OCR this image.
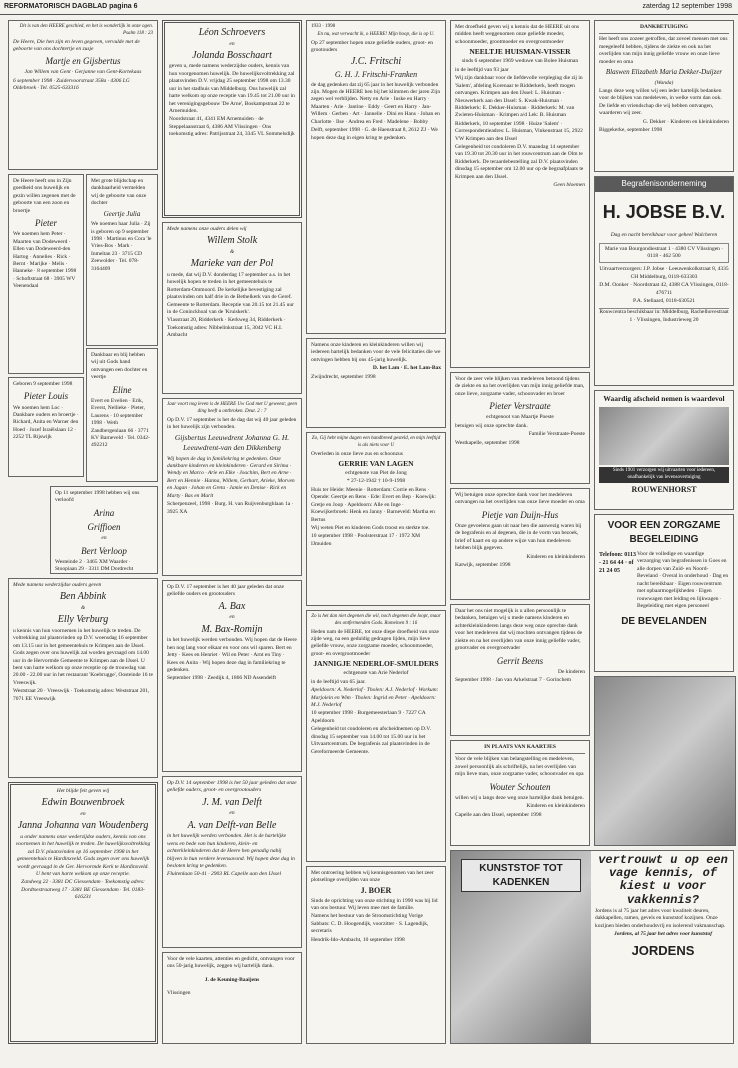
REFORMATORISCH DAGBLAD pagina 6	zaterdag 12 september 1998

Dit is van den HEERE geschied, en het is wonderlijk in onze ogen. Psalm 118 : 23

De Heere, Die hen zijn en leven gegeven, vervulde met de geboorte van ons dochtertje en zusje

Martje en Gijsbertus

Jan Willem van Gent · Gerjanne van Gent-Kortekaas

6 september 1998 · Zuidervoorstraat 358a · 4306 LG Oldebroek · Tel. 0525-633316

De Heere heeft ons in Zijn goedheid ons huwelijk en gezin willen zegenen met de geboorte van een zoon en broertje

Pieter

We noemen hem Peter · Maarten van Dodeweerd · Ellen van Dodeweerd-den Hartog · Annelies · Rick · Bernt · Marijke · Melis · Hanneke · 8 september 1998 · Schoftstraat 68 · 3905 WV Veenendaal

Met grote blijdschap en dankbaarheid vermelden wij de geboorte van onze dochter

Geertje Julia

We noemen haar Julia · Zij is geboren op 9 september 1998 · Martinus en Cora 'le Vries-Bos · Mark · Inmeltan 23 · 3715 CD Zeewolder · Tel. 078-3164409

Dankbaar en blij hebben wij uit Gods hand ontvangen een dochter en veertje

Eline

Evert en Evelien · Erik, Everst, Nellieke · Pieter, Laurens · 10 september 1998 · Weth Zandbergenlaan 66 · 3771 KV Barneveld · Tel. 0342-492212

Geboren 9 september 1998

Pieter Louis

We noemen hem Loc · Dankbare ouders en broertje · Richard, Anita en Warner den Hoed · Jozef Israëlslaan 12 · 2252 TL Rijswijk

Op 11 september 1998 hebben wij ons verloofd

Arina

Griffioen

en

Bert Verloop

Westeinde 2 · 3465 XM Waarder · Stoopiaan 29 · 3311 DM Dordrecht

Mede namens wederzijdse ouders geven

Ben Abbink

&

Elly Verburg

u kennis van hun voornemen in het huwelijk te treden. De voltrekking zal plaatsvinden op D.V. woensdag 16 september om 13.15 uur in het gemeentehuis te Krimpen aan de IJssel. Gods zegen over ons huwelijk zal worden gevraagd om 14.00 uur in de Hervormde Gemeente te Krimpen aan de IJssel. U bent van harte welkom op onze receptie op de trouwdag van 20.00 - 22.00 uur in het restaurant 'Koebrugge', Oosteinde 16 te Vreeswijk.

Weststraat 20 · Vreeswijk · Toekomstig adres: Weststraat 201, 7071 EE Vreeswijk

Het blijde feit geven wij

Edwin Bouwenbroek

en

Janna Johanna van Woudenberg

u onder namens onze wederzijdse ouders, kennis van ons voornemen in het huwelijk te treden. De huwelijksvoltrekking zal D.V. plaatsvinden op 16 september 1998 in het gemeentehuis te Hardinxveld. Gods zegen over ons huwelijk wordt gevraagd in de Ger. Hervormde Kerk te Hardinxveld. U bent van harte welkom op onze receptie.

Zandweg 22 · 3381 DC Giessendam · Toekomstig adres: Dordtsestraatweg 17 · 3381 BE Giessendam · Tel. 0183-616231

Léon Schroevers

en

Jolanda Bosschaart

geven u, mede namens wederzijdse ouders, kennis van hun voorgenomen huwelijk. De huwelijksvoltrekking zal plaatsvinden D.V. vrijdag 25 september 1998 om 13.30 uur in het stadhuis van Middelburg. Ons huwelijk zal harte welkom op onze receptie van 19.45 tot 21.00 uur in het verenigingsgebouw 'De Arne', Boskampstraat 22 te Arnemuiden.

Noordstraat 41, 4341 EM Arnemuiden · de Steppelaanstraat 6, 4386 AM Vlissingen · Ons toekomstig adres: Patrijsstraat 24, 3345 VL Sommelsdijk

Mede namens onze ouders delen wij

Willem Stolk

&

Marieke van der Pol

u mede, dat wij D.V. donderdag 17 september a.s. in het huwelijk hopen te treden in het gemeentehuis te Rotterdam-Ommoord. De kerkelijke bevestiging zal plaatsvinden om half drie in de Bethelkerk van de Geref. Gemeente te Rotterdam. Receptie van 20.15 tot 21.45 uur in de Coninckhoal van de 'Kruiskerk'.

Vlasstraat 20, Ridderkerk · Kerkweg 34, Ridderkerk · Toekomstig adres: Nibbelinkstraat 15, 3042 VC H.I. Ambacht

Jaar voort nog leven is de HEERE Uw God met U geweest; geen ding heeft u ontbroken. Deut. 2 : 7

Op D.V. 17 september is het de dag dat wij 40 jaar geleden in het huwelijk zijn verbonden.

Gijsbertus Leeuwdrent Johanna G. H. Leeuwdrent-van den Dikkenberg

Wij hopen de dag in familiekring te gedenken. Onze dankbare kinderen en kleinkinderen · Gerard en Sirima · Wendy en Marco · Arie en Elke · Joachim, Bert en Arne · Bert en Hennie · Hanna, Willem, Gerhart, Arieke, Morven en Jagan · Johan en Greta · Jamie en Denise · Rick en Marty · Bas en Marit

Scherpenzeel, 1998 · Burg. H. van Ruijvenburghlaan 1a · 3925 XA

Op D.V. 17 september is het 40 jaar geleden dat onze geliefde ouders en grootouders

A. Bax

en

M. Bax-Romijn

in het huwelijk werden verbonden. Wij hopen dat de Heere hen nog lang voor elkaar en voor ons wil sparen. Bert en Jetty · Kees en Henriet · Wil en Peter · Arnt en Tiny · Kees en Anita · Wij hopen deze dag in familiekring te gedenken.

September 1998 · Zeedijk 4, 1866 ND Assendelft

Op D.V. 14 september 1998 is het 50 jaar geleden dat onze geliefde ouders, groot- en overgrootouders

J. M. van Delft

en

A. van Delft-van Belle

in het huwelijk werden verbonden. Het is de hartelijke wens en bede van hun kinderen, klein- en achterkleinkinderen dat de Heere hen genadig nabij blijven in hun verdere levensavond. Wij hopen deze dag in besloten kring te gedenken.

Fluitenlaan 50-41 · 2903 RL Capelle aan den IJssel

Voor de vele kaarten, attenties en gedicht, ontvangen voor ons 50-jarig huwelijk, zeggen wij hartelijk dank.

J. de Keuning-Baaijens

Vlissingen

1933 · 1998

En nu, wat verwacht ik, o HEERE! Mijn hoop, die is op U.

Op 27 september hopen onze geliefde ouders, groot- en grootouders

J.C. Fritschi

G. H. J. Fritschi-Franken

de dag gedenken dat zij 65 jaar in het huwelijk verbonden zijn. Mogen de HEERE hen bij het klimmen der jaren Zijn zegen wel verblijden. Netty en Arie · Inske en Harry · Maarten · Arie · Jantine · Eddy · Geert en Harry · Jan-Willem · Gerben · Art · Jannelie · Dini en Hans · Johan en Charlotte · Ilse · Andrea en Fred · Madelene · Bobby

Delft, september 1998 · G. de Haenstraat 8, 2612 ZJ · We hopen deze dag in eigen kring te gedenken.

Namens onze kinderen en kleinkinderen willen wij iedereen hartelijk bedanken voor de vele felicitaties die we ontvingen hebben bij ons 45-jarig huwelijk.

D. het Lam · E. het Lam-Bax

Zwijndrecht, september 1998

Zo, Gij hebt mijne dagen een handbreed gesteld, en mijn leeftijd is als niets voor U

Overleden in onze lieve zus en schoonzus

GERRIE VAN LAGEN

echtgenote van Piet de Jong

* 27-12-1942 † 10-9-1998

Huis ter Heide: Meenie · Rotterdam: Corrie en Rens · Opende: Geertje en Rens · Ede: Evert en Bep · Koewijk: Gretje en Joop · Apeldoorn: Alle en Inge · Koewijkerbroek: Henk en Janny · Barneveld: Martha en Bertus

Wij weten Piet en kinderen Gods troost en sterkte toe.

10 september 1998 · Poolsterstraat 17 · 1972 XM IJmuiden

Zo is het dan niet degenen die wil, noch degenen die loopt, maar des ontfermenden Gods. Romeinen 9 : 16

Heden nam de HEERE, tot onze diepe droefheid van onze zijde weg, na een geduldig gedragen lijden, mijn lieve geliefde vrouw, onze zorgzame moeder, schoonmoeder, groot- en overgrootmoeder

JANNIGJE NEDERLOF-SMULDERS

echtgenote van Arie Nederlof

in de leeftijd van 65 jaar.

Apeldoorn: A. Nederlof · Tholen: A.J. Nederlof · Workum: Marjolein en Wim · Tholen: Ingrid en Peter · Apeldoorn: M.J. Nederlof

10 september 1998 · Burgemeesterlaan 9 · 7227 CA Apeldoorn

Gelegenheid tot condoleren en afscheidnemen op D.V. dinsdag 15 september van 14.00 tot 15.00 uur in het Uitvaartcentrum. De begrafenis zal plaatsvinden in de Gereformeerde Gemeente.

Met ontroering hebben wij kennisgenomen van het zeer plotselinge overlijden van onze

J. BOER

Sinds de oprichting van onze stichting in 1990 was hij lid van ons bestuur. Wij leven mee met de familie.

Namens het bestuur van de Stroomstichting Vorige Sabbats: C. D. Hoogendijk, voorzitter · S. Lagendijk, secretaris

Hendrik-Ido-Ambacht, 10 september 1998

Met droefheid geven wij u kennis dat de HEERE uit ons midden heeft weggenomen onze geliefde moeder, schoonmoeder, grootmoeder en overgrootmoeder

NEELTJE HUISMAN-VISSER

sinds 6 september 1969 weduwe van Bolee Huisman

in de leeftijd van 93 jaar

Wij zijn dankbaar voor de liefdevolle verpleging die zij in 'Salem', afdeling Korenaar te Ridderkerk, heeft mogen ontvangen. Krimpen aan den IJssel: L. Huisman · Nieuwerkerk aan den IJssel: S. Kwak-Huisman · Ridderkerk: E. Dekker-Huisman · Ridderkerk: M. van Zwieten-Huisman · Krimpen a/d Lek: B. Huisman

Ridderkerk, 10 september 1998 · Huize 'Salem' · Correspondentieadres: L. Huisman, Vinkenstraat 15, 2922 VW Krimpen aan den IJssel

Gelegenheid tot condoleren D.V. maandag 14 september van 19.30 tot 20.30 uur in het rouwcentrum aan de Olm te Ridderkerk. De teraardebestelling zal D.V. plaatsvinden dinsdag 15 september om 12.00 uur op de begraafplaats te Krimpen aan den IJssel.

Geen bloemen

Voor de zeer vele blijken van medeleven betoond tijdens de ziekte en na het overlijden van mijn innig geliefde man, onze lieve, zorgzame vader, schoonvader en broer

Pieter Verstraate

echtgenoot van Maartje Poeste

betuigen wij onze oprechte dank.

Familie Verstraate-Poeste

Westkapelle, september 1998

Wij betuigen onze oprechte dank voor het medeleven ontvangen na het overlijden van onze lieve moeder en oma

Pietje van Duijn-Hus

Onze gevoelens gaan uit naar hen die aanwezig waren bij de begrafenis en al degenen, die in de vorm van bezoek, brief of kaart en op andere wijze van hun medeleven hebben blijk gegeven.

Kinderen en kleinkinderen

Katwijk, september 1998

Daar het ons niet mogelijk is u allen persoonlijk te bedanken, betuigen wij u mede namens kinderen en achterkleinkinderen langs deze weg onze oprechte dank voor het medeleven dat wij mochten ontvangen tijdens de ziekte en na het overlijden van onze innig geliefde vader, grootvader en overgrootvader

Gerrit Beens

De kinderen

September 1998 · Jan van Arkelstraat 7 · Gorinchem

IN PLAATS VAN KAARTJES

Voor de vele blijken van belangstelling en medeleven, zowel persoonlijk als schriftelijk, na het overlijden van mijn lieve man, onze zorgzame vader, schoonvader en opa

Wouter Schouten

willen wij u langs deze weg onze hartelijke dank betuigen.

Kinderen en kleinkinderen

Capelle aan den IJssel, september 1998

DANKBETUIGING

Het heeft ons zozeer getroffen, dat zoveel mensen met ons meegeleefd hebben, tijdens de ziekte en ook na het overlijden van mijn innig geliefde vrouw en onze lieve moeder en oma

Blaswen Elizabeth Maria Dekker-Duijzer

(Wanda)

Langs deze weg willen wij een ieder hartelijk bedanken voor de blijken van medeleven, in welke vorm dan ook. De liefde en vriendschap die wij hebben ontvangen, waarderen wij zeer.

G. Dekker · Kinderen en kleinkinderen

Biggekerke, september 1998

Begrafenisonderneming
H. JOBSE B.V.

Dag en nacht bereikbaar voor geheel Walcheren

Marie van Bourgondiestraat 1 · 4380 CV Vlissingen · 0118 - 462 500

Uitvaartverzorgers: J.P. Jobse · Leeuwenkolkstraat 8, 4335 CH Middelburg, 0118-633303

D.M. Oonker · Noordstraat 42, 4388 CA Vlissingen, 0118-476711

P.A. Stellaard, 0118-630521

Rouwcentra beschikbaar in: Middelburg, Rachelhovestraat 1 · Vlissingen, Industrieweg 20

Waardig afscheid nemen is waardevol

Sinds 1901 verzorgen wij uitvaarten voor iedereen, onafhankelijk van levensovertuiging

ROUWENHORST

VOOR EEN ZORGZAME

BEGELEIDING

Telefoon: 0113 - 21 64 44 · of 21 24 05

Voor de volledige en waardige verzorging van begrafenissen in Goes en alle dorpen van Zuid- en Noord-Beveland · Overal in onderhoud · Dag en nacht bereikbaar · Eigen rouwcentrum met opbaarmogelijkheden · Eigen rouwwagen met leiding en lijkwagen · Begeleiding met eigen personeel

DE BEVELANDEN

KUNSTSTOF TOT KADENKEN

vertrouwt u op een vage kennis, of kiest u voor vakkennis?

Jordens is al 75 jaar het adres voor kwaliteit deuren, dakkapellen, ramen, gevels en kunststof kozijnen. Onze kozijnen bieden onderhoudsvrij en isolerend vakmanschap.

Jordens, al 75 jaar het adres voor kunststof

JORDENS
